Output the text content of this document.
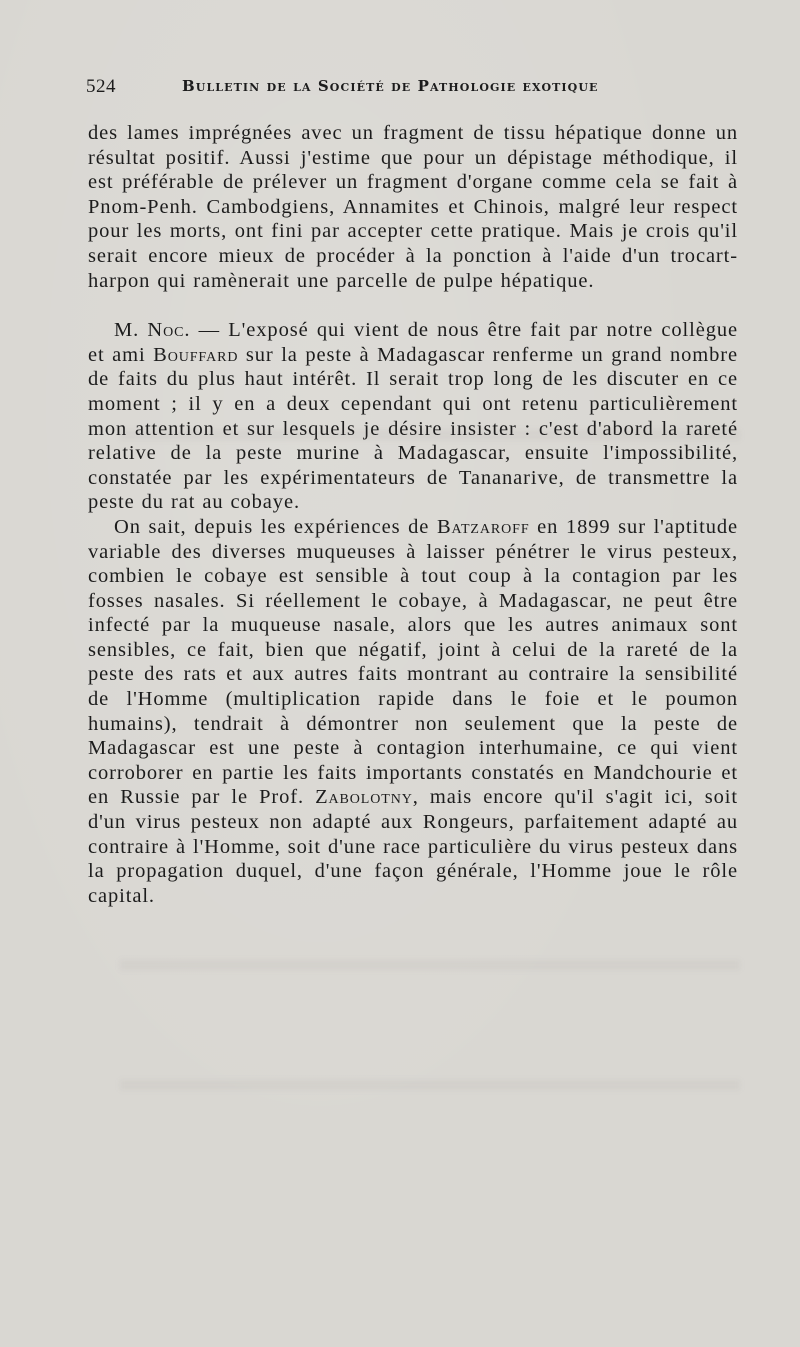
524	Bulletin de la Société de Pathologie exotique

des lames imprégnées avec un fragment de tissu hépatique donne un résultat positif. Aussi j'estime que pour un dépistage méthodique, il est préférable de prélever un fragment d'organe comme cela se fait à Pnom-Penh. Cambodgiens, Annamites et Chinois, malgré leur respect pour les morts, ont fini par accepter cette pratique. Mais je crois qu'il serait encore mieux de procéder à la ponction à l'aide d'un trocart-harpon qui ramènerait une parcelle de pulpe hépatique.

M. Noc. — L'exposé qui vient de nous être fait par notre collègue et ami Bouffard sur la peste à Madagascar renferme un grand nombre de faits du plus haut intérêt. Il serait trop long de les discuter en ce moment ; il y en a deux cependant qui ont retenu particulièrement mon attention et sur lesquels je désire insister : c'est d'abord la rareté relative de la peste murine à Madagascar, ensuite l'impossibilité, constatée par les expérimentateurs de Tananarive, de transmettre la peste du rat au cobaye.

On sait, depuis les expériences de Batzaroff en 1899 sur l'aptitude variable des diverses muqueuses à laisser pénétrer le virus pesteux, combien le cobaye est sensible à tout coup à la contagion par les fosses nasales. Si réellement le cobaye, à Madagascar, ne peut être infecté par la muqueuse nasale, alors que les autres animaux sont sensibles, ce fait, bien que négatif, joint à celui de la rareté de la peste des rats et aux autres faits montrant au contraire la sensibilité de l'Homme (multiplication rapide dans le foie et le poumon humains), tendrait à démontrer non seulement que la peste de Madagascar est une peste à contagion interhumaine, ce qui vient corroborer en partie les faits importants constatés en Mandchourie et en Russie par le Prof. Zabolotny, mais encore qu'il s'agit ici, soit d'un virus pesteux non adapté aux Rongeurs, parfaitement adapté au contraire à l'Homme, soit d'une race particulière du virus pesteux dans la propagation duquel, d'une façon générale, l'Homme joue le rôle capital.
